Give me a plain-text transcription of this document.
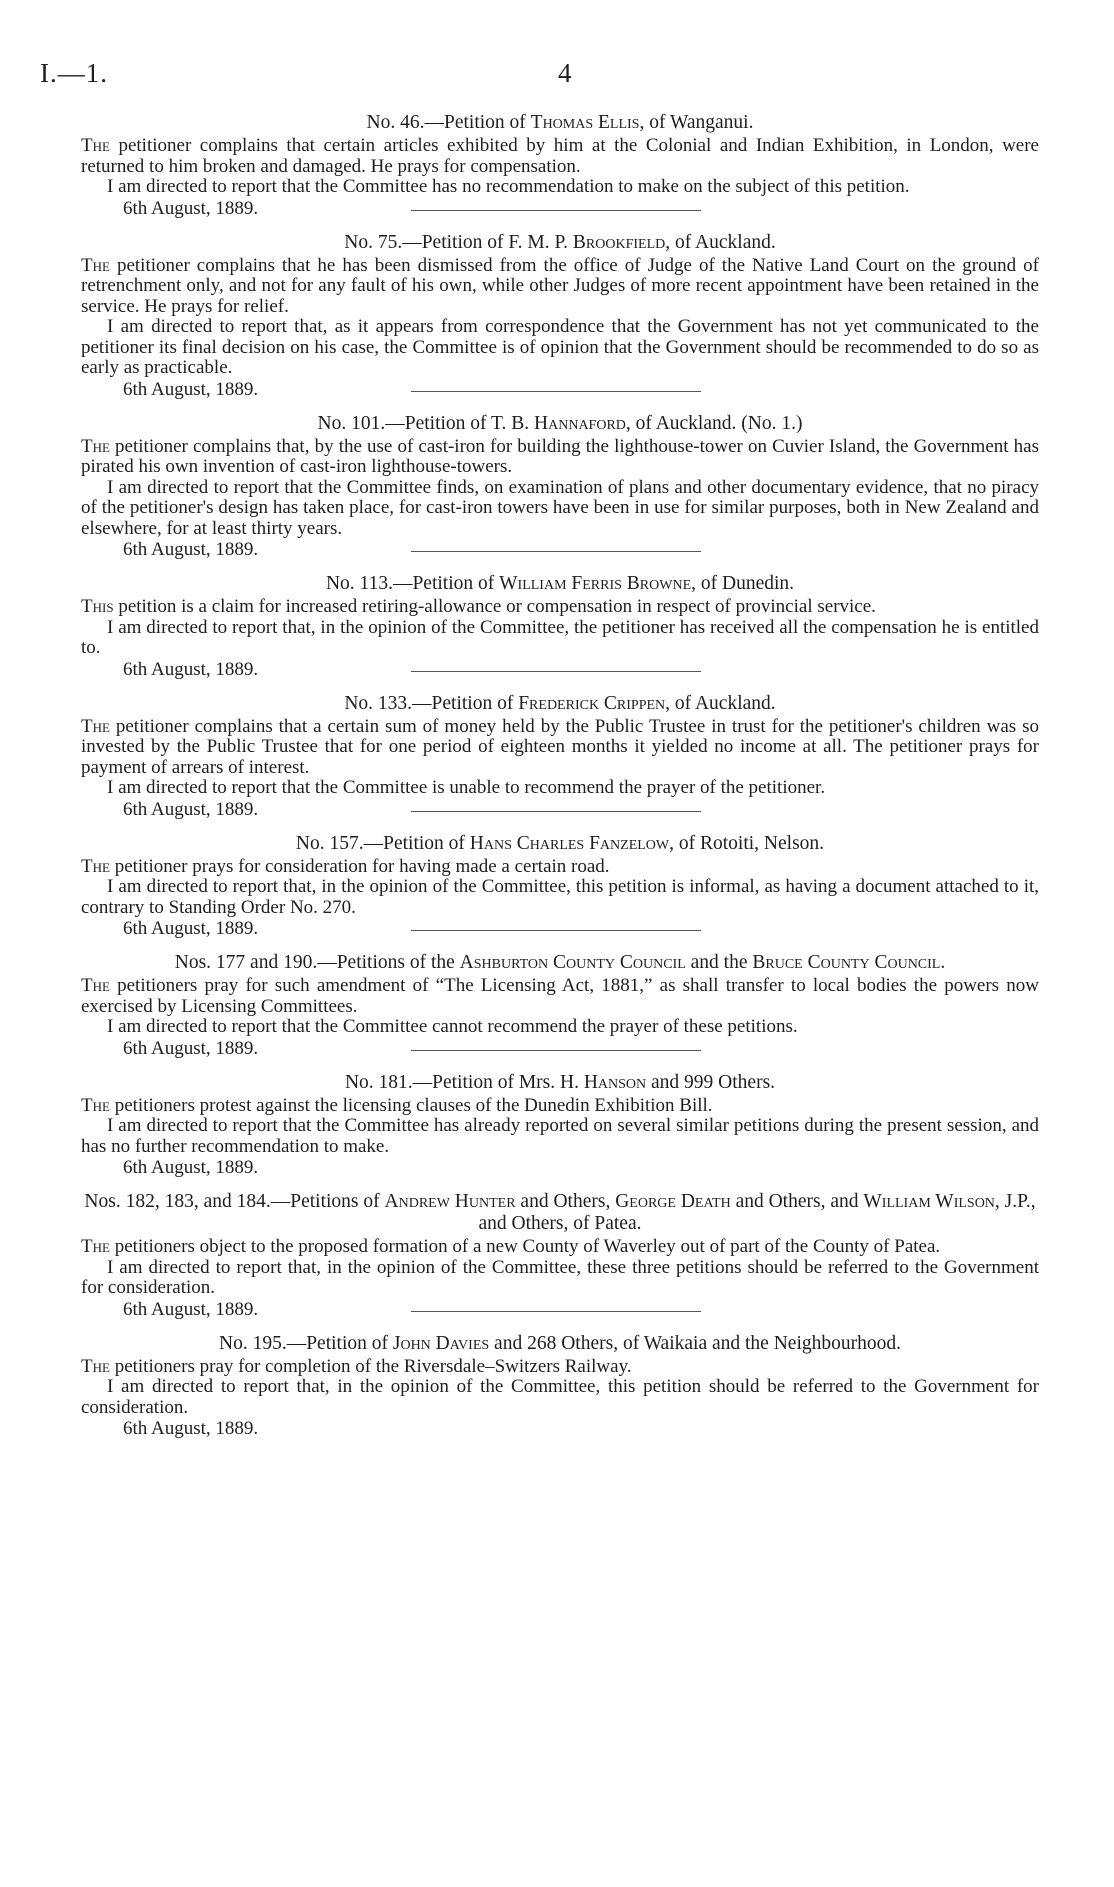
I.—1.	4

No. 46.—Petition of Thomas Ellis, of Wanganui.

The petitioner complains that certain articles exhibited by him at the Colonial and Indian Exhibition, in London, were returned to him broken and damaged. He prays for compensation.

I am directed to report that the Committee has no recommendation to make on the subject of this petition.

6th August, 1889.

No. 75.—Petition of F. M. P. Brookfield, of Auckland.

The petitioner complains that he has been dismissed from the office of Judge of the Native Land Court on the ground of retrenchment only, and not for any fault of his own, while other Judges of more recent appointment have been retained in the service. He prays for relief.

I am directed to report that, as it appears from correspondence that the Government has not yet communicated to the petitioner its final decision on his case, the Committee is of opinion that the Government should be recommended to do so as early as practicable.

6th August, 1889.

No. 101.—Petition of T. B. Hannaford, of Auckland. (No. 1.)

The petitioner complains that, by the use of cast-iron for building the lighthouse-tower on Cuvier Island, the Government has pirated his own invention of cast-iron lighthouse-towers.

I am directed to report that the Committee finds, on examination of plans and other documentary evidence, that no piracy of the petitioner's design has taken place, for cast-iron towers have been in use for similar purposes, both in New Zealand and elsewhere, for at least thirty years.

6th August, 1889.

No. 113.—Petition of William Ferris Browne, of Dunedin.

This petition is a claim for increased retiring-allowance or compensation in respect of provincial service.

I am directed to report that, in the opinion of the Committee, the petitioner has received all the compensation he is entitled to.

6th August, 1889.

No. 133.—Petition of Frederick Crippen, of Auckland.

The petitioner complains that a certain sum of money held by the Public Trustee in trust for the petitioner's children was so invested by the Public Trustee that for one period of eighteen months it yielded no income at all. The petitioner prays for payment of arrears of interest.

I am directed to report that the Committee is unable to recommend the prayer of the petitioner.

6th August, 1889.

No. 157.—Petition of Hans Charles Fanzelow, of Rotoiti, Nelson.

The petitioner prays for consideration for having made a certain road.

I am directed to report that, in the opinion of the Committee, this petition is informal, as having a document attached to it, contrary to Standing Order No. 270.

6th August, 1889.

Nos. 177 and 190.—Petitions of the Ashburton County Council and the Bruce County Council.

The petitioners pray for such amendment of “The Licensing Act, 1881,” as shall transfer to local bodies the powers now exercised by Licensing Committees.

I am directed to report that the Committee cannot recommend the prayer of these petitions.

6th August, 1889.

No. 181.—Petition of Mrs. H. Hanson and 999 Others.

The petitioners protest against the licensing clauses of the Dunedin Exhibition Bill.

I am directed to report that the Committee has already reported on several similar petitions during the present session, and has no further recommendation to make.

6th August, 1889.

Nos. 182, 183, and 184.—Petitions of Andrew Hunter and Others, George Death and Others, and William Wilson, J.P., and Others, of Patea.

The petitioners object to the proposed formation of a new County of Waverley out of part of the County of Patea.

I am directed to report that, in the opinion of the Committee, these three petitions should be referred to the Government for consideration.

6th August, 1889.

No. 195.—Petition of John Davies and 268 Others, of Waikaia and the Neighbourhood.

The petitioners pray for completion of the Riversdale–Switzers Railway.

I am directed to report that, in the opinion of the Committee, this petition should be referred to the Government for consideration.

6th August, 1889.
